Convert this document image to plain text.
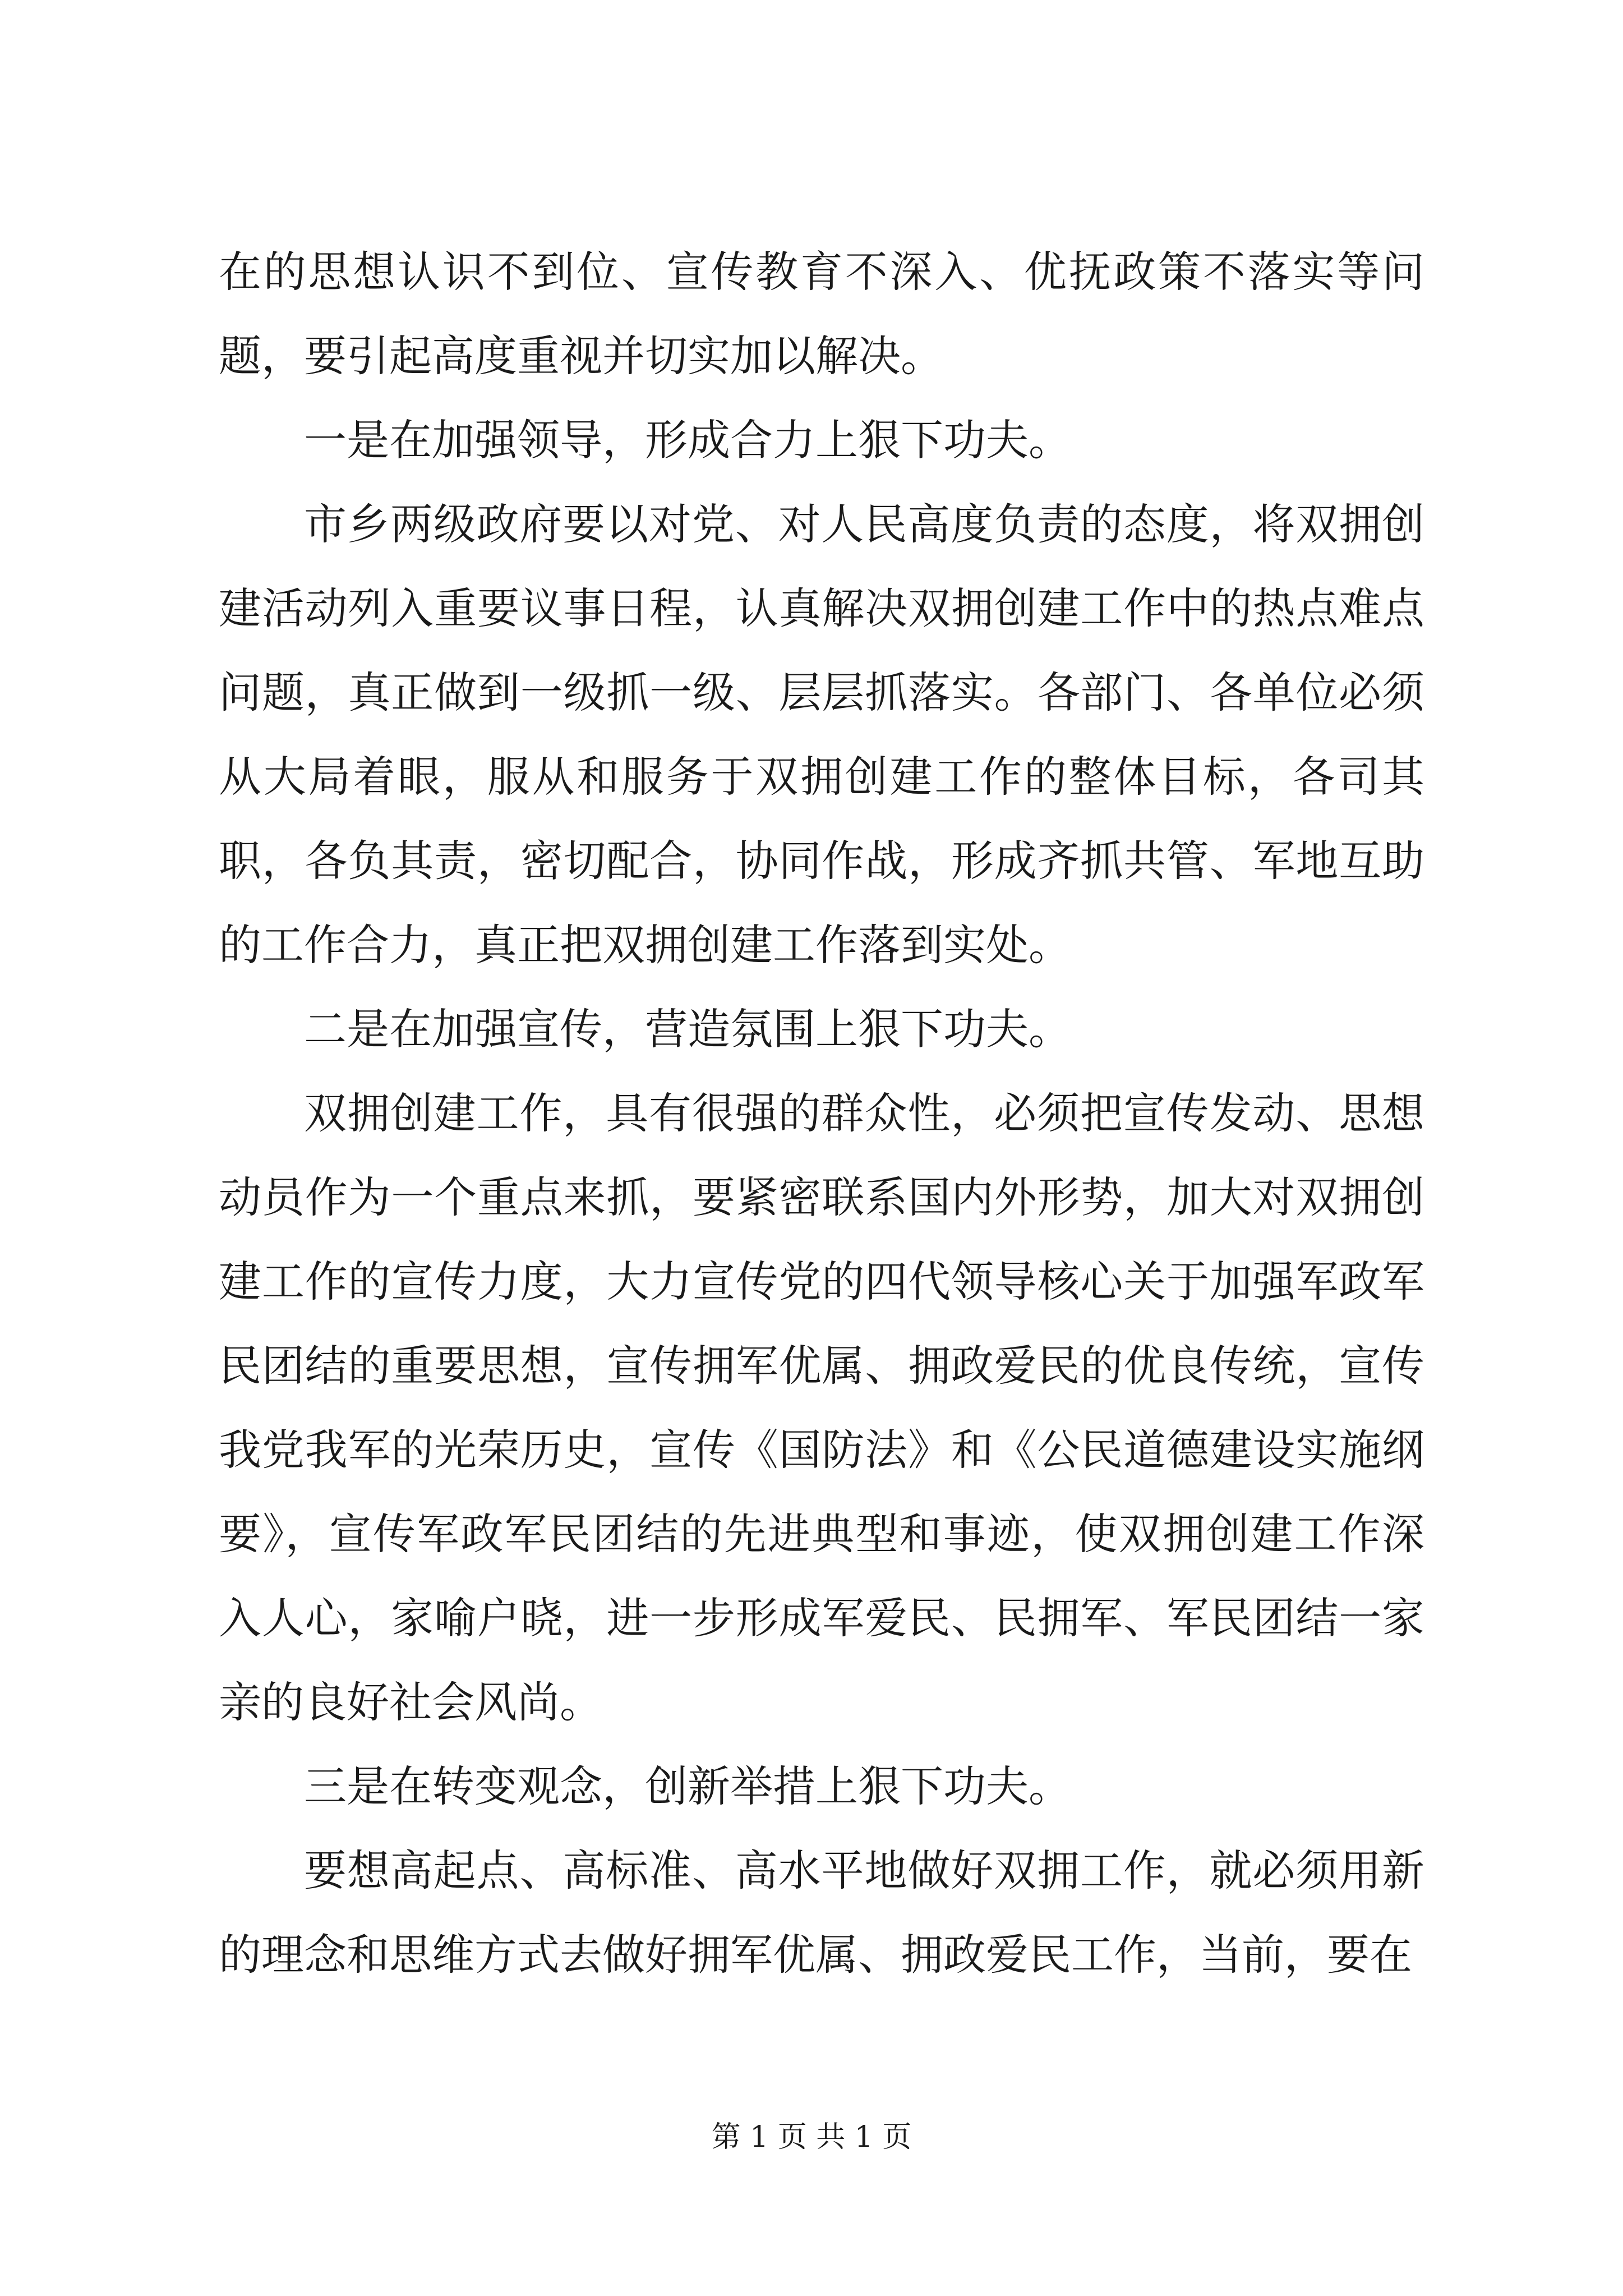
在的思想认识不到位、宣传教育不深入、优抚政策不落实等问题，要引起高度重视并切实加以解决。

一是在加强领导，形成合力上狠下功夫。

市乡两级政府要以对党、对人民高度负责的态度，将双拥创建活动列入重要议事日程，认真解决双拥创建工作中的热点难点问题，真正做到一级抓一级、层层抓落实。各部门、各单位必须从大局着眼，服从和服务于双拥创建工作的整体目标，各司其职，各负其责，密切配合，协同作战，形成齐抓共管、军地互助的工作合力，真正把双拥创建工作落到实处。

二是在加强宣传，营造氛围上狠下功夫。

双拥创建工作，具有很强的群众性，必须把宣传发动、思想动员作为一个重点来抓，要紧密联系国内外形势，加大对双拥创建工作的宣传力度，大力宣传党的四代领导核心关于加强军政军民团结的重要思想，宣传拥军优属、拥政爱民的优良传统，宣传我党我军的光荣历史，宣传《国防法》和《公民道德建设实施纲要》，宣传军政军民团结的先进典型和事迹，使双拥创建工作深入人心，家喻户晓，进一步形成军爱民、民拥军、军民团结一家亲的良好社会风尚。

三是在转变观念，创新举措上狠下功夫。

要想高起点、高标准、高水平地做好双拥工作，就必须用新的理念和思维方式去做好拥军优属、拥政爱民工作，当前，要在

第 1 页 共 1 页
